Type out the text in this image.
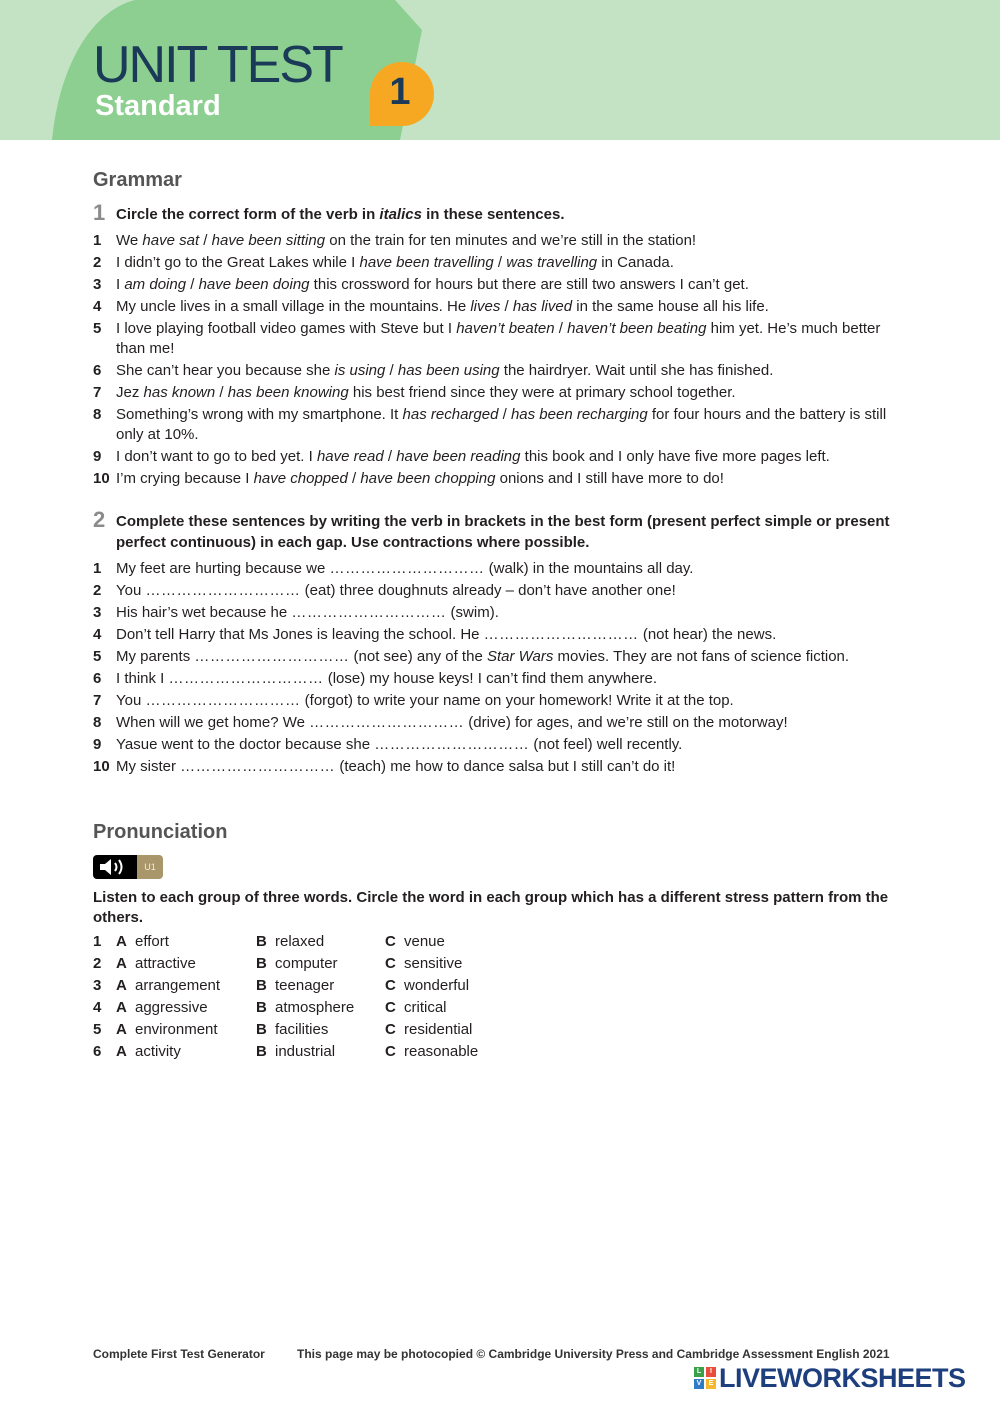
UNIT TEST
Standard	1
Grammar
1 Circle the correct form of the verb in italics in these sentences.
1 We have sat / have been sitting on the train for ten minutes and we’re still in the station!
2 I didn’t go to the Great Lakes while I have been travelling / was travelling in Canada.
3 I am doing / have been doing this crossword for hours but there are still two answers I can’t get.
4 My uncle lives in a small village in the mountains. He lives / has lived in the same house all his life.
5 I love playing football video games with Steve but I haven’t beaten / haven’t been beating him yet. He’s much better than me!
6 She can’t hear you because she is using / has been using the hairdryer. Wait until she has finished.
7 Jez has known / has been knowing his best friend since they were at primary school together.
8 Something’s wrong with my smartphone. It has recharged / has been recharging for four hours and the battery is still only at 10%.
9 I don’t want to go to bed yet. I have read / have been reading this book and I only have five more pages left.
10 I’m crying because I have chopped / have been chopping onions and I still have more to do!
2 Complete these sentences by writing the verb in brackets in the best form (present perfect simple or present perfect continuous) in each gap. Use contractions where possible.
1 My feet are hurting because we ………………………… (walk) in the mountains all day.
2 You ………………………… (eat) three doughnuts already – don’t have another one!
3 His hair’s wet because he ………………………… (swim).
4 Don’t tell Harry that Ms Jones is leaving the school. He ………………………… (not hear) the news.
5 My parents ………………………… (not see) any of the Star Wars movies. They are not fans of science fiction.
6 I think I ………………………… (lose) my house keys! I can’t find them anywhere.
7 You ………………………… (forgot) to write your name on your homework! Write it at the top.
8 When will we get home? We ………………………… (drive) for ages, and we’re still on the motorway!
9 Yasue went to the doctor because she ………………………… (not feel) well recently.
10 My sister ………………………… (teach) me how to dance salsa but I still can’t do it!
Pronunciation
U1
Listen to each group of three words. Circle the word in each group which has a different stress pattern from the others.
1 A effort	B relaxed	C venue
2 A attractive	B computer	C sensitive
3 A arrangement B teenager	C wonderful
4 A aggressive	B atmosphere C critical
5 A environment	B facilities	C residential
6 A activity	B industrial	C reasonable
Complete First Test Generator	This page may be photocopied © Cambridge University Press and Cambridge Assessment English 2021
L	I
V	E LIVEWORKSHEETS
